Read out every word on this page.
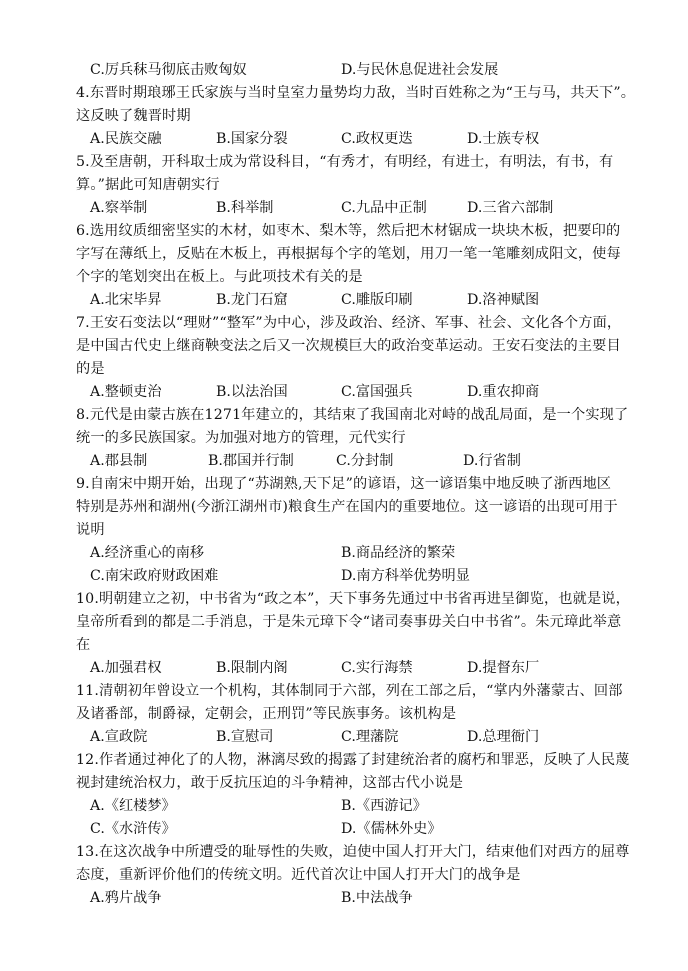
C.厉兵秣马彻底击败匈奴	D.与民休息促进社会发展
4.东晋时期琅琊王氏家族与当时皇室力量势均力敌，当时百姓称之为“王与马，共天下”。
这反映了魏晋时期
A.民族交融	B.国家分裂	C.政权更迭	D.士族专权
5.及至唐朝，开科取士成为常设科目，“有秀才，有明经，有进士，有明法，有书，有
算。”据此可知唐朝实行
A.察举制	B.科举制	C.九品中正制	D.三省六部制
6.选用纹质细密坚实的木材，如枣木、梨木等，然后把木材锯成一块块木板，把要印的
字写在薄纸上，反贴在木板上，再根据每个字的笔划，用刀一笔一笔雕刻成阳文，使每
个字的笔划突出在板上。与此项技术有关的是
A.北宋毕昇	B.龙门石窟	C.雕版印刷	D.洛神赋图
7.王安石变法以“理财”“整军”为中心，涉及政治、经济、军事、社会、文化各个方面，
是中国古代史上继商鞅变法之后又一次规模巨大的政治变革运动。王安石变法的主要目
的是
A.整顿吏治	B.以法治国	C.富国强兵	D.重农抑商
8.元代是由蒙古族在1271年建立的，其结束了我国南北对峙的战乱局面，是一个实现了
统一的多民族国家。为加强对地方的管理，元代实行
A.郡县制	B.郡国并行制	C.分封制	D.行省制
9.自南宋中期开始，出现了“苏湖熟,天下足”的谚语，这一谚语集中地反映了浙西地区
特别是苏州和湖州(今浙江湖州市)粮食生产在国内的重要地位。这一谚语的出现可用于
说明
A.经济重心的南移	B.商品经济的繁荣
C.南宋政府财政困难	D.南方科举优势明显
10.明朝建立之初，中书省为“政之本”，天下事务先通过中书省再进呈御览，也就是说，
皇帝所看到的都是二手消息，于是朱元璋下令“诸司奏事毋关白中书省”。朱元璋此举意
在
A.加强君权	B.限制内阁	C.实行海禁	D.提督东厂
11.清朝初年曾设立一个机构，其体制同于六部，列在工部之后，“掌内外藩蒙古、回部
及诸番部，制爵禄，定朝会，正刑罚”等民族事务。该机构是
A.宣政院	B.宣慰司	C.理藩院	D.总理衙门
12.作者通过神化了的人物，淋漓尽致的揭露了封建统治者的腐朽和罪恶，反映了人民蔑
视封建统治权力，敢于反抗压迫的斗争精神，这部古代小说是
A.《红楼梦》	B.《西游记》
C.《水浒传》	D.《儒林外史》
13.在这次战争中所遭受的耻辱性的失败，迫使中国人打开大门，结束他们对西方的屈尊
态度，重新评价他们的传统文明。近代首次让中国人打开大门的战争是
A.鸦片战争	B.中法战争
